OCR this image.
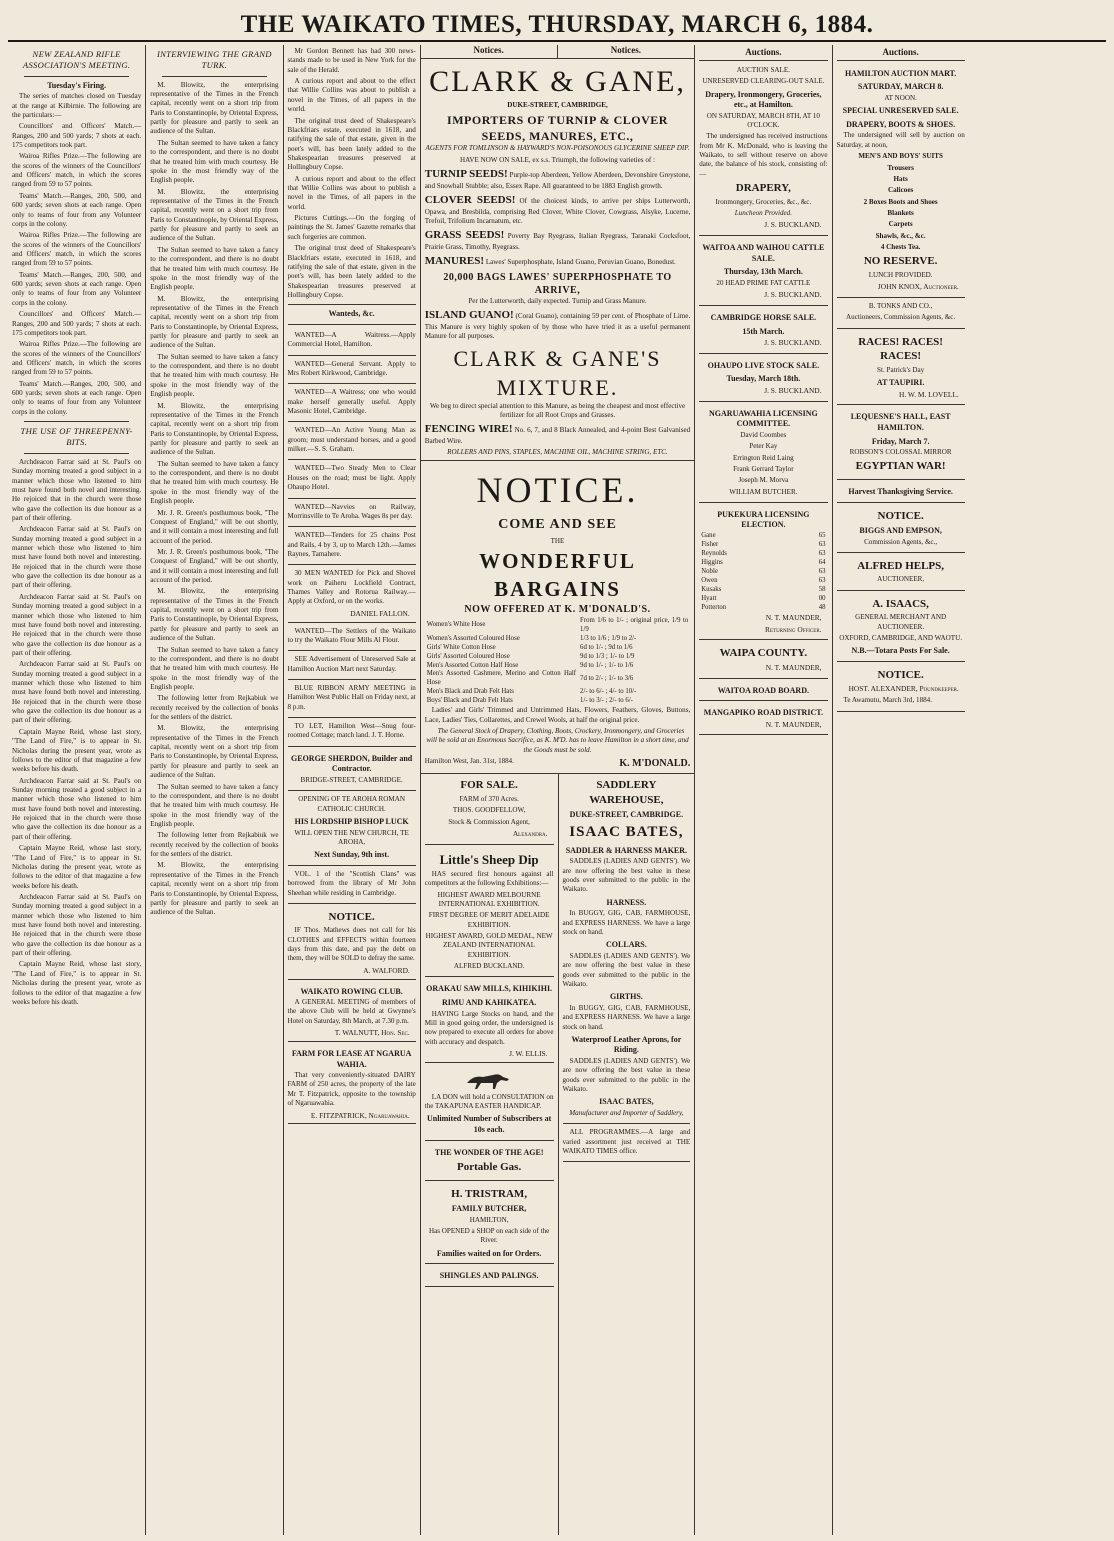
THE WAIKATO TIMES, THURSDAY, MARCH 6, 1884.
NEW ZEALAND RIFLE ASSOCIATION'S MEETING.
Tuesday's Firing.

The series of matches closed on Tuesday at the range at Kilbirnie. The following are the particulars:—

Councillors' and Officers' Match.—Ranges, 200 and 500 yards; 7 shots at each. 175 competitors took part.

Wairoa Rifles Prize.—The following are the scores of the winners of the Councillors' and Officers' match, in which the scores ranged from 59 to 57 points.

Teams' Match.—Ranges, 200, 500, and 600 yards; seven shots at each range. Open only to teams of four from any Volunteer corps in the colony.

Wairoa Rifles Prize.—The following are the scores of the winners of the Councillors' and Officers' match, in which the scores ranged from 59 to 57 points.

Teams' Match.—Ranges, 200, 500, and 600 yards; seven shots at each range. Open only to teams of four from any Volunteer corps in the colony.

Councillors' and Officers' Match.—Ranges, 200 and 500 yards; 7 shots at each. 175 competitors took part.

Wairoa Rifles Prize.—The following are the scores of the winners of the Councillors' and Officers' match, in which the scores ranged from 59 to 57 points.

Teams' Match.—Ranges, 200, 500, and 600 yards; seven shots at each range. Open only to teams of four from any Volunteer corps in the colony.

THE USE OF THREEPENNY-BITS.

Archdeacon Farrar said at St. Paul's on Sunday morning treated a good subject in a manner which those who listened to him must have found both novel and interesting. He rejoiced that in the church were those who gave the collection its due honour as a part of their offering.

Archdeacon Farrar said at St. Paul's on Sunday morning treated a good subject in a manner which those who listened to him must have found both novel and interesting. He rejoiced that in the church were those who gave the collection its due honour as a part of their offering.

Archdeacon Farrar said at St. Paul's on Sunday morning treated a good subject in a manner which those who listened to him must have found both novel and interesting. He rejoiced that in the church were those who gave the collection its due honour as a part of their offering.

Archdeacon Farrar said at St. Paul's on Sunday morning treated a good subject in a manner which those who listened to him must have found both novel and interesting. He rejoiced that in the church were those who gave the collection its due honour as a part of their offering.

Captain Mayne Reid, whose last story, "The Land of Fire," is to appear in St. Nicholas during the present year, wrote as follows to the editor of that magazine a few weeks before his death.

Archdeacon Farrar said at St. Paul's on Sunday morning treated a good subject in a manner which those who listened to him must have found both novel and interesting. He rejoiced that in the church were those who gave the collection its due honour as a part of their offering.

Captain Mayne Reid, whose last story, "The Land of Fire," is to appear in St. Nicholas during the present year, wrote as follows to the editor of that magazine a few weeks before his death.

Archdeacon Farrar said at St. Paul's on Sunday morning treated a good subject in a manner which those who listened to him must have found both novel and interesting. He rejoiced that in the church were those who gave the collection its due honour as a part of their offering.

Captain Mayne Reid, whose last story, "The Land of Fire," is to appear in St. Nicholas during the present year, wrote as follows to the editor of that magazine a few weeks before his death.

INTERVIEWING THE GRAND TURK.

M. Blowitz, the enterprising representative of the Times in the French capital, recently went on a short trip from Paris to Constantinople, by Oriental Express, partly for pleasure and partly to seek an audience of the Sultan.

The Sultan seemed to have taken a fancy to the correspondent, and there is no doubt that he treated him with much courtesy. He spoke in the most friendly way of the English people.

M. Blowitz, the enterprising representative of the Times in the French capital, recently went on a short trip from Paris to Constantinople, by Oriental Express, partly for pleasure and partly to seek an audience of the Sultan.

The Sultan seemed to have taken a fancy to the correspondent, and there is no doubt that he treated him with much courtesy. He spoke in the most friendly way of the English people.

M. Blowitz, the enterprising representative of the Times in the French capital, recently went on a short trip from Paris to Constantinople, by Oriental Express, partly for pleasure and partly to seek an audience of the Sultan.

The Sultan seemed to have taken a fancy to the correspondent, and there is no doubt that he treated him with much courtesy. He spoke in the most friendly way of the English people.

M. Blowitz, the enterprising representative of the Times in the French capital, recently went on a short trip from Paris to Constantinople, by Oriental Express, partly for pleasure and partly to seek an audience of the Sultan.

The Sultan seemed to have taken a fancy to the correspondent, and there is no doubt that he treated him with much courtesy. He spoke in the most friendly way of the English people.

Mr. J. R. Green's posthumous book, "The Conquest of England," will be out shortly, and it will contain a most interesting and full account of the period.

Mr. J. R. Green's posthumous book, "The Conquest of England," will be out shortly, and it will contain a most interesting and full account of the period.

M. Blowitz, the enterprising representative of the Times in the French capital, recently went on a short trip from Paris to Constantinople, by Oriental Express, partly for pleasure and partly to seek an audience of the Sultan.

The Sultan seemed to have taken a fancy to the correspondent, and there is no doubt that he treated him with much courtesy. He spoke in the most friendly way of the English people.

The following letter from Rejkabiuk we recently received by the collection of books for the settlers of the district.

M. Blowitz, the enterprising representative of the Times in the French capital, recently went on a short trip from Paris to Constantinople, by Oriental Express, partly for pleasure and partly to seek an audience of the Sultan.

The Sultan seemed to have taken a fancy to the correspondent, and there is no doubt that he treated him with much courtesy. He spoke in the most friendly way of the English people.

The following letter from Rejkabiuk we recently received by the collection of books for the settlers of the district.

M. Blowitz, the enterprising representative of the Times in the French capital, recently went on a short trip from Paris to Constantinople, by Oriental Express, partly for pleasure and partly to seek an audience of the Sultan.

Mr Gordon Bennett has had 300 news-stands made to be used in New York for the sale of the Herald.

A curious report and about to the effect that Willie Collins was about to publish a novel in the Times, of all papers in the world.

The original trust deed of Shakespeare's Blackfriars estate, executed in 1618, and ratifying the sale of that estate, given in the poet's will, has been lately added to the Shakespearian treasures preserved at Hollingbury Copse.

A curious report and about to the effect that Willie Collins was about to publish a novel in the Times, of all papers in the world.

Pictures Cuttings.—On the forging of paintings the St. James' Gazette remarks that such forgeries are common.

The original trust deed of Shakespeare's Blackfriars estate, executed in 1618, and ratifying the sale of that estate, given in the poet's will, has been lately added to the Shakespearian treasures preserved at Hollingbury Copse.

Wanteds, &c.

WANTED—A Waitress.—Apply Commercial Hotel, Hamilton.

WANTED—General Servant. Apply to Mrs Robert Kirkwood, Cambridge.

WANTED—A Waitress; one who would make herself generally useful. Apply Masonic Hotel, Cambridge.

WANTED—An Active Young Man as groom; must understand horses, and a good milker.—S. S. Graham.

WANTED—Two Steady Men to Clear Houses on the road; must be light. Apply Ohaupo Hotel.

WANTED—Navvies on Railway, Morrinsville to Te Aroha. Wages 8s per day.

WANTED—Tenders for 25 chains Post and Rails, 4 by 3, up to March 12th.—James Raynes, Tamahere.

30 MEN WANTED for Pick and Shovel work on Paiheru Lockfield Contract, Thames Valley and Rotorua Railway.—Apply at Oxford, or on the works.

DANIEL FALLON.

WANTED—The Settlers of the Waikato to try the Waikato Flour Mills Al Flour.

SEE Advertisement of Unreserved Sale at Hamilton Auction Mart next Saturday.

BLUE RIBBON ARMY MEETING in Hamilton West Public Hall on Friday next, at 8 p.m.

TO LET, Hamilton West—Snug four-roomed Cottage; match land. J. T. Horne.

GEORGE SHERDON, Builder and Contractor.

BRIDGE-STREET, CAMBRIDGE.

OPENING OF TE AROHA ROMAN CATHOLIC CHURCH.

HIS LORDSHIP BISHOP LUCK

WILL OPEN THE NEW CHURCH, TE AROHA,

Next Sunday, 9th inst.

VOL. 1 of the "Scottish Clans" was borrowed from the library of Mr John Sheehan while residing in Cambridge.

NOTICE.

IF Thos. Mathews does not call for his CLOTHES and EFFECTS within fourteen days from this date, and pay the debt on them, they will be SOLD to defray the same.

A. WALFORD.
WAIKATO ROWING CLUB.

A GENERAL MEETING of members of the above Club will be held at Gwynne's Hotel on Saturday, 8th March, at 7.30 p.m.

T. WALNUTT, Hon. Sec.
FARM FOR LEASE AT NGARUA WAHIA.

That very conveniently-situated DAIRY FARM of 250 acres, the property of the late Mr T. Fitzpatrick, opposite to the township of Ngaruawahia.

E. FITZPATRICK, Ngaruawahia.
Notices.	Notices.
CLARK & GANE,

DUKE-STREET, CAMBRIDGE,

IMPORTERS OF TURNIP & CLOVER SEEDS, MANURES, ETC.,

AGENTS FOR TOMLINSON & HAYWARD'S NON-POISONOUS GLYCERINE SHEEP DIP.

HAVE NOW ON SALE, ex s.s. Triumph, the following varieties of :

TURNIP SEEDS! Purple-top Aberdeen, Yellow Aberdeen, Devonshire Greystone, and Snowball Stubble; also, Essex Rape. All guaranteed to be 1883 English growth.

CLOVER SEEDS! Of the choicest kinds, to arrive per ships Lutterworth, Opawa, and Bresbilda, comprising Red Clover, White Clover, Cowgrass, Alsyke, Lucerne, Trefoil, Trifolium Incarnatum, etc.

GRASS SEEDS! Poverty Bay Ryegrass, Italian Ryegrass, Taranaki Cocksfoot, Prairie Grass, Timothy, Ryegrass.

MANURES! Lawes' Superphosphate, Island Guano, Peruvian Guano, Bonedust.

20,000 BAGS LAWES' SUPERPHOSPHATE TO ARRIVE,

Per the Lutterworth, daily expected. Turnip and Grass Manure.

ISLAND GUANO! (Coral Guano), containing 59 per cent. of Phosphate of Lime. This Manure is very highly spoken of by those who have tried it as a useful permanent Manure for all purposes.

CLARK & GANE'S MIXTURE.

We beg to direct special attention to this Manure, as being the cheapest and most effective fertilizer for all Root Crops and Grasses.

FENCING WIRE! No. 6, 7, and 8 Black Annealed, and 4-point Best Galvanised Barbed Wire.

ROLLERS AND PINS, STAPLES, MACHINE OIL, MACHINE STRING, ETC.

NOTICE.
COME AND SEE

THE

WONDERFUL BARGAINS
NOW OFFERED AT K. M'DONALD'S.
Women's White Hose	From 1/6 to 1/- ; original price, 1/9 to 1/9
Women's Assorted Coloured Hose	1/3 to 1/6 ; 1/9 to 2/-
Girls' White Cotton Hose	6d to 1/- ; 9d to 1/6
Girls' Assorted Coloured Hose	9d to 1/3 ; 1/- to 1/9
Men's Assorted Cotton Half Hose	9d to 1/- ; 1/- to 1/6
Men's Assorted Cashmere, Merino and Cotton Half Hose	7d to 2/- ; 1/- to 3/6
Men's Black and Drab Felt Hats	2/- to 6/- ; 4/- to 10/-
Boys' Black and Drab Felt Hats	1/- to 3/- ; 2/- to 6/-

Ladies' and Girls' Trimmed and Untrimmed Hats, Flowers, Feathers, Gloves, Buttons, Lace, Ladies' Ties, Collarettes, and Crewel Wools, at half the original price.

The General Stock of Drapery, Clothing, Boots, Crockery, Ironmongery, and Groceries will be sold at an Enormous Sacrifice, as K. M'D. has to leave Hamilton in a short time, and the Goods must be sold.

Hamilton West, Jan. 31st, 1884.	K. M'DONALD.
FOR SALE.

FARM of 370 Acres.

THOS. GOODFELLOW,

Stock & Commission Agent,

Alexandra.

Little's Sheep Dip

HAS secured first honours against all competitors at the following Exhibitions:—

HIGHEST AWARD MELBOURNE INTERNATIONAL EXHIBITION.

FIRST DEGREE OF MERIT ADELAIDE EXHIBITION.

HIGHEST AWARD, GOLD MEDAL, NEW ZEALAND INTERNATIONAL EXHIBITION.

ALFRED BUCKLAND.

ORAKAU SAW MILLS, KIHIKIHI.
RIMU AND KAHIKATEA.

HAVING Large Stocks on hand, and the Mill in good going order, the undersigned is now prepared to execute all orders for above with accuracy and despatch.

J. W. ELLIS.

LA DON will hold a CONSULTATION on the TAKAPUNA EASTER HANDICAP.

Unlimited Number of Subscribers at 10s each.
THE WONDER OF THE AGE!
Portable Gas.
H. TRISTRAM,
FAMILY BUTCHER,

HAMILTON,

Has OPENED a SHOP on each side of the River.

Families waited on for Orders.
SHINGLES AND PALINGS.
SADDLERY WAREHOUSE,
DUKE-STREET, CAMBRIDGE.
ISAAC BATES,
SADDLER & HARNESS MAKER.

SADDLES (LADIES AND GENTS'). We are now offering the best value in these goods ever submitted to the public in the Waikato.

HARNESS.

In BUGGY, GIG, CAB, FARMHOUSE, and EXPRESS HARNESS. We have a large stock on hand.

COLLARS.

SADDLES (LADIES AND GENTS'). We are now offering the best value in these goods ever submitted to the public in the Waikato.

GIRTHS.

In BUGGY, GIG, CAB, FARMHOUSE, and EXPRESS HARNESS. We have a large stock on hand.

Waterproof Leather Aprons, for Riding.

SADDLES (LADIES AND GENTS'). We are now offering the best value in these goods ever submitted to the public in the Waikato.

ISAAC BATES,

Manufacturer and Importer of Saddlery,

ALL PROGRAMMES.—A large and varied assortment just received at THE WAIKATO TIMES office.

Auctions.

AUCTION SALE.

UNRESERVED CLEARING-OUT SALE.

Drapery, Ironmongery, Groceries, etc., at Hamilton.

ON SATURDAY, MARCH 8TH, AT 10 O'CLOCK.

The undersigned has received instructions from Mr K. McDonald, who is leaving the Waikato, to sell without reserve on above date, the balance of his stock, consisting of:—

DRAPERY,

Ironmongery, Groceries, &c., &c.

Luncheon Provided.

J. S. BUCKLAND.

WAITOA AND WAIHOU CATTLE SALE.
Thursday, 13th March.

20 HEAD PRIME FAT CATTLE

J. S. BUCKLAND.

CAMBRIDGE HORSE SALE.
15th March.

J. S. BUCKLAND.

OHAUPO LIVE STOCK SALE.
Tuesday, March 18th.

J. S. BUCKLAND.

NGARUAWAHIA LICENSING COMMITTEE.

David Coombes

Peter Kay

Errington Reid Laing

Frank Gerrard Taylor

Joseph M. Morva

WILLIAM BUTCHER.

PUKEKURA LICENSING ELECTION.
Gane	65
Fisher	63
Reynolds	63
Higgins	64
Noble	63
Owen	63
Kusaks	58
Hyatt	00
Potterton	48

N. T. MAUNDER,

Returning Officer.

WAIPA COUNTY.

N. T. MAUNDER,

WAITOA ROAD BOARD.
MANGAPIKO ROAD DISTRICT.

N. T. MAUNDER,

Auctions.
HAMILTON AUCTION MART.
SATURDAY, MARCH 8.

AT NOON.

SPECIAL UNRESERVED SALE.
DRAPERY, BOOTS & SHOES.

The undersigned will sell by auction on Saturday, at noon,

MEN'S AND BOYS' SUITS

Trousers

Hats

Calicoes

2 Boxes Boots and Shoes

Blankets

Carpets

Shawls, &c., &c.

4 Chests Tea.

NO RESERVE.

LUNCH PROVIDED.

JOHN KNOX, Auctioneer.

B. TONKS AND CO.,

Auctioneers, Commission Agents, &c.

RACES! RACES! RACES!

St. Patrick's Day

AT TAUPIRI.

H. W. M. LOVELL.

LEQUESNE'S HALL, EAST HAMILTON.
Friday, March 7.

ROBSON'S COLOSSAL MIRROR

EGYPTIAN WAR!
Harvest Thanksgiving Service.
NOTICE.
BIGGS AND EMPSON,

Commission Agents, &c.,

ALFRED HELPS,

AUCTIONEER,

A. ISAACS,

GENERAL MERCHANT AND AUCTIONEER.

OXFORD, CAMBRIDGE, AND WAOTU.

N.B.—Totara Posts For Sale.
NOTICE.

HOST. ALEXANDER, Poundkeeper.

Te Awamutu, March 3rd, 1884.
